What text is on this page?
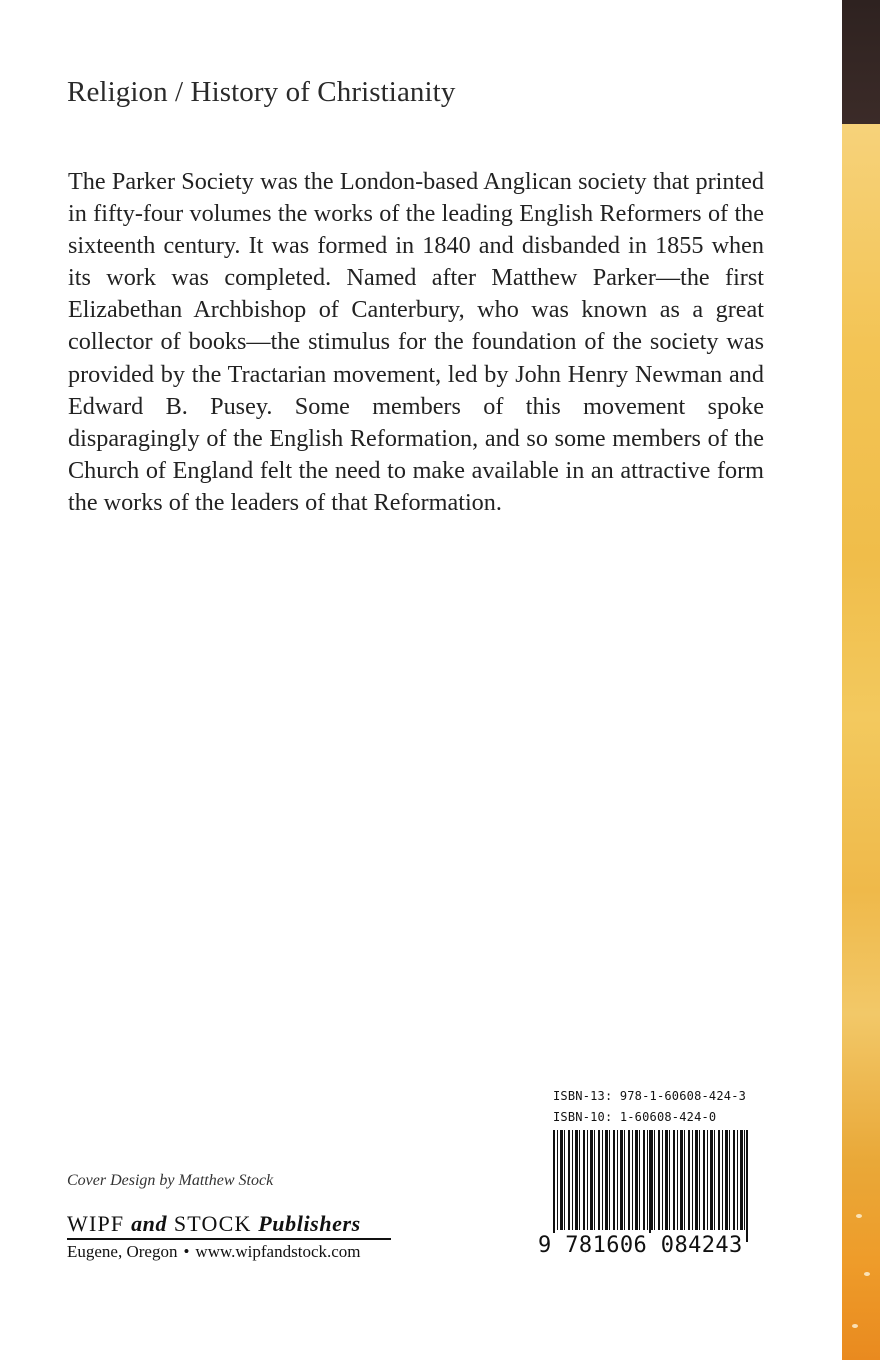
Religion / History of Christianity

The Parker Society was the London-based Anglican society that printed in fifty-four volumes the works of the leading English Reformers of the sixteenth century. It was formed in 1840 and disbanded in 1855 when its work was completed. Named after Matthew Parker—the first Elizabethan Archbishop of Canterbury, who was known as a great collector of books—the stimulus for the foundation of the society was provided by the Tractarian movement, led by John Henry Newman and Edward B. Pusey. Some members of this movement spoke disparagingly of the English Reformation, and so some members of the Church of England felt the need to make available in an attractive form the works of the leaders of that Reformation.

Cover Design by Matthew Stock
WIPF and STOCK Publishers
Eugene, Oregon • www.wipfandstock.com
ISBN-13: 978-1-60608-424-3
ISBN-10: 1-60608-424-0
9 781606 084243
